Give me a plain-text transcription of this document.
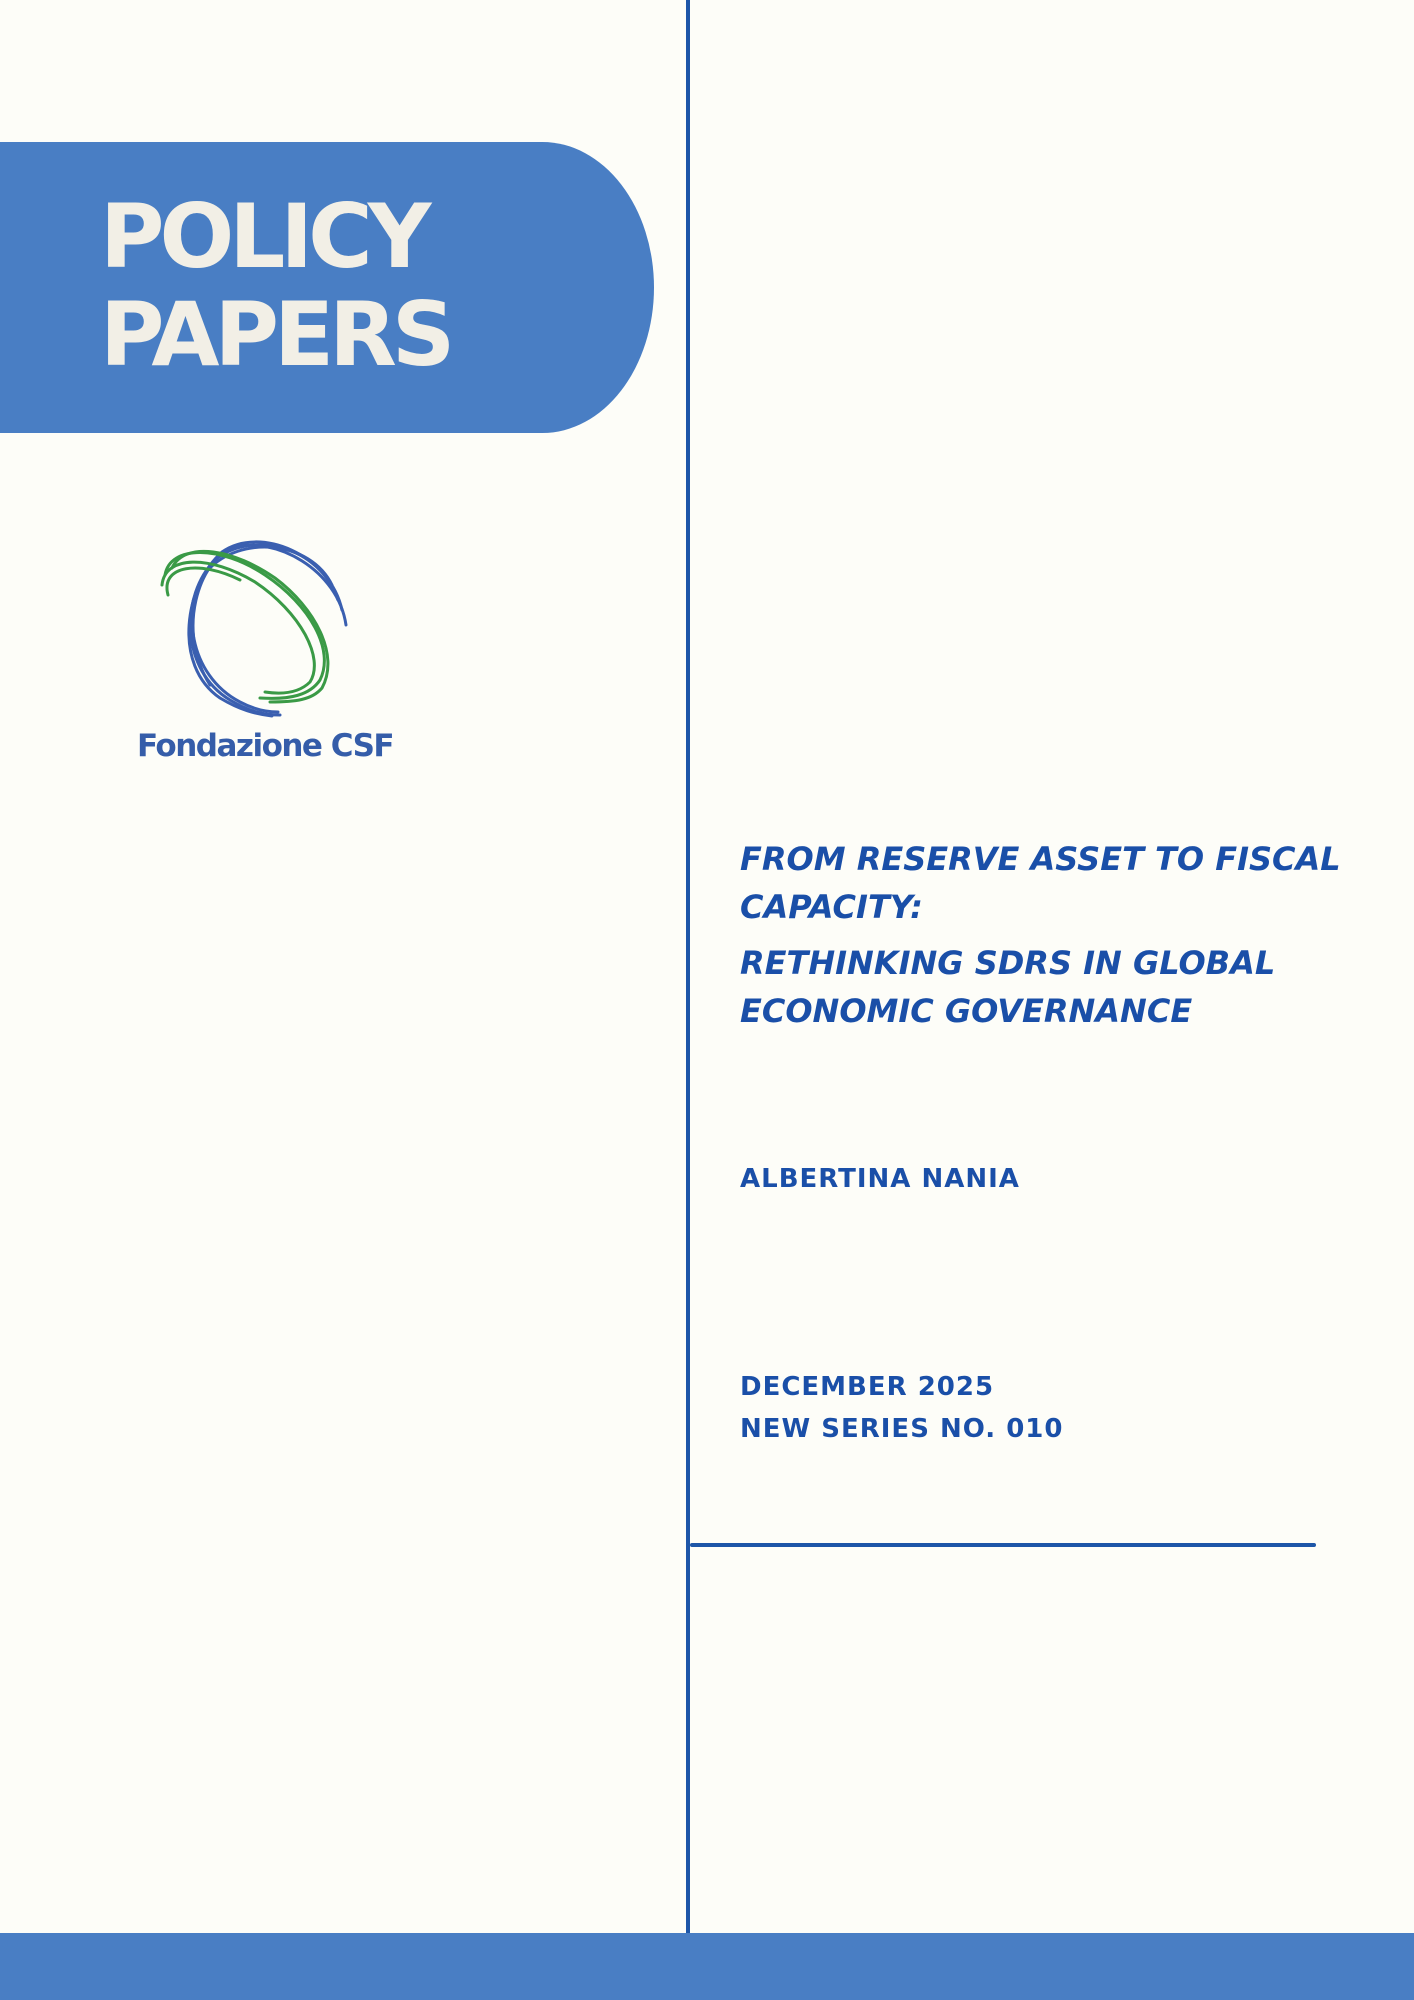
POLICY
PAPERS
Fondazione CSF

FROM RESERVE ASSET TO FISCAL CAPACITY:

RETHINKING SDRS IN GLOBAL ECONOMIC GOVERNANCE

ALBERTINA NANIA
DECEMBER 2025
NEW SERIES NO. 010
